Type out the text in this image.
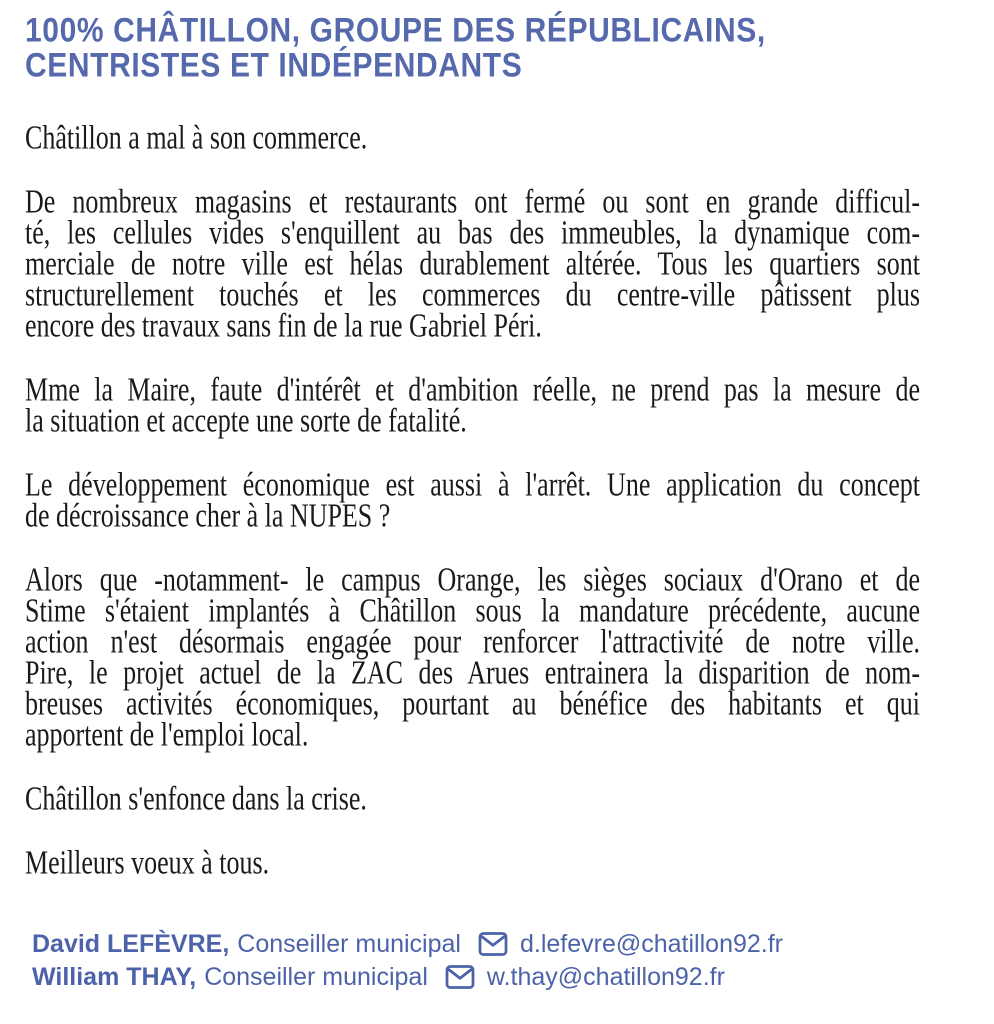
100% CHÂTILLON, GROUPE DES RÉPUBLICAINS,
CENTRISTES ET INDÉPENDANTS
Châtillon a mal à son commerce.
De nombreux magasins et restaurants ont fermé ou sont en grande difficul-
té, les cellules vides s'enquillent au bas des immeubles, la dynamique com-
merciale de notre ville est hélas durablement altérée. Tous les quartiers sont
structurellement touchés et les commerces du centre-ville pâtissent plus
encore des travaux sans fin de la rue Gabriel Péri.
Mme la Maire, faute d'intérêt et d'ambition réelle, ne prend pas la mesure de
la situation et accepte une sorte de fatalité.
Le développement économique est aussi à l'arrêt. Une application du concept
de décroissance cher à la NUPES ?
Alors que -notamment- le campus Orange, les sièges sociaux d'Orano et de
Stime s'étaient implantés à Châtillon sous la mandature précédente, aucune
action n'est désormais engagée pour renforcer l'attractivité de notre ville.
Pire, le projet actuel de la ZAC des Arues entrainera la disparition de nom-
breuses activités économiques, pourtant au bénéfice des habitants et qui
apportent de l'emploi local.
Châtillon s'enfonce dans la crise.
Meilleurs voeux à tous.
David LEFÈVRE, Conseiller municipal d.lefevre@chatillon92.fr
William THAY, Conseiller municipal w.thay@chatillon92.fr
